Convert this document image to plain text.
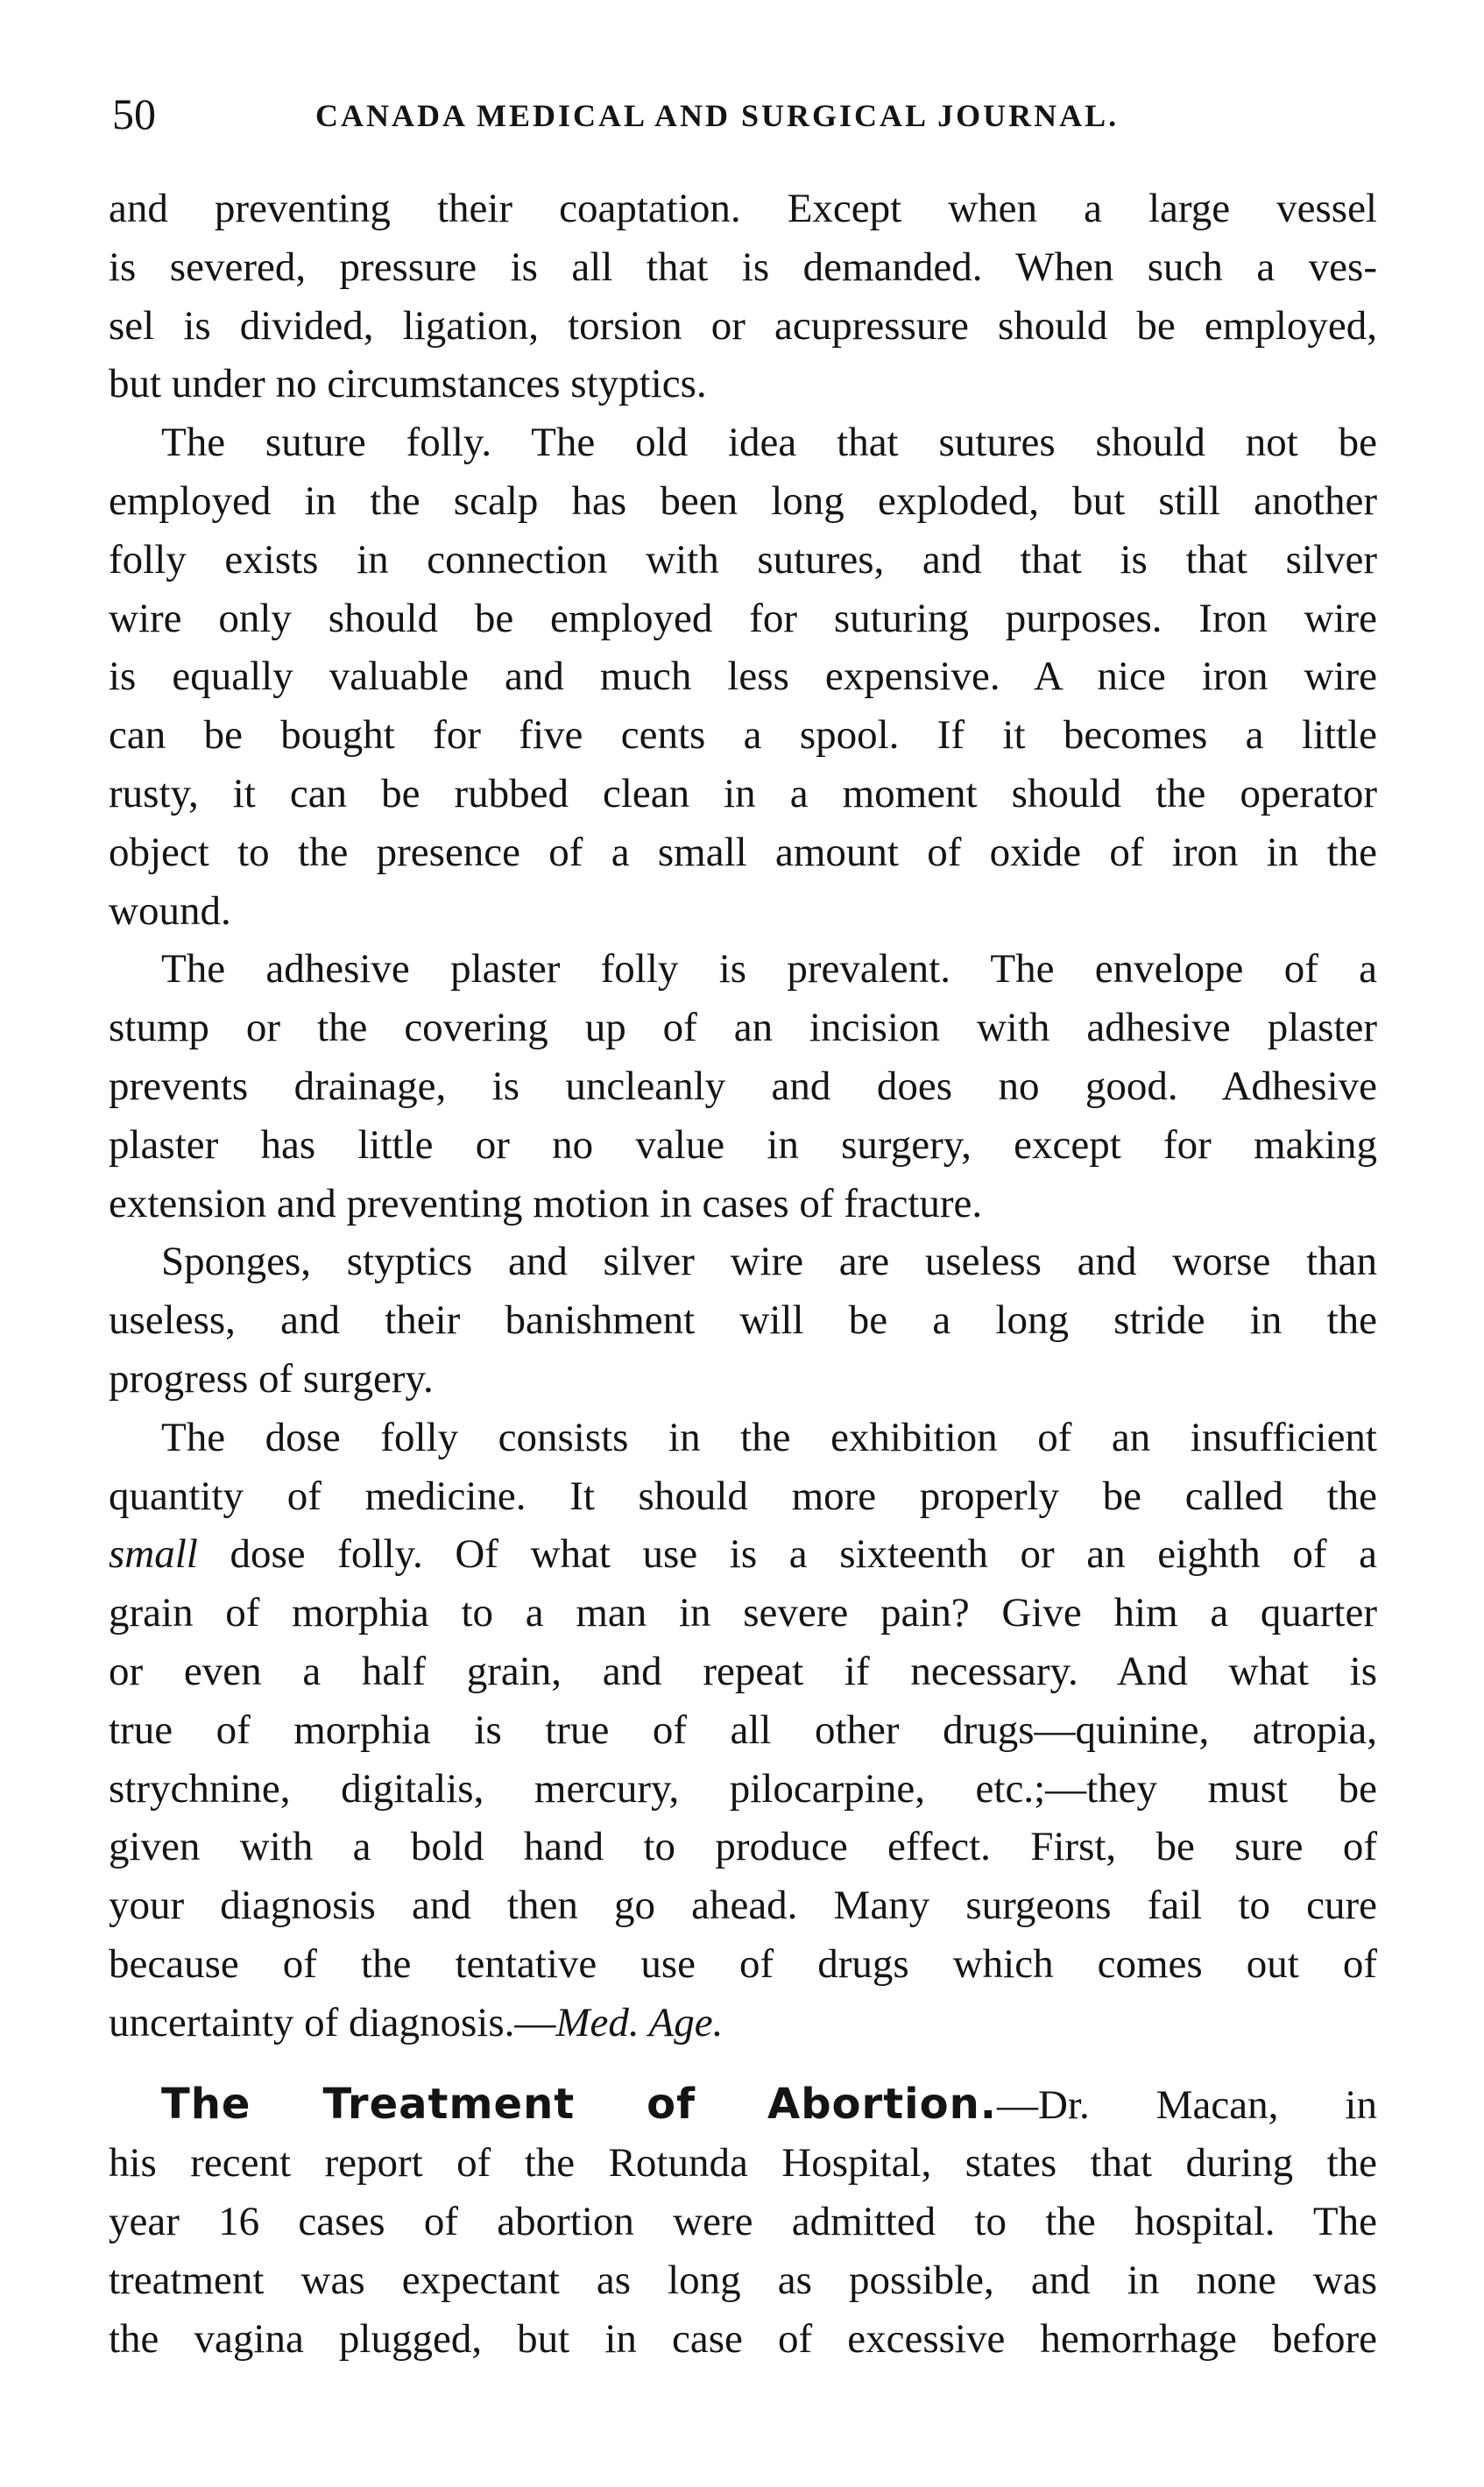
50	CANADA MEDICAL AND SURGICAL JOURNAL.

and preventing their coaptation. Except when a large vessel
is severed, pressure is all that is demanded. When such a ves-
sel is divided, ligation, torsion or acupressure should be employed,
but under no circumstances styptics.

The suture folly. The old idea that sutures should not be
employed in the scalp has been long exploded, but still another
folly exists in connection with sutures, and that is that silver
wire only should be employed for suturing purposes. Iron wire
is equally valuable and much less expensive. A nice iron wire
can be bought for five cents a spool. If it becomes a little
rusty, it can be rubbed clean in a moment should the operator
object to the presence of a small amount of oxide of iron in the
wound.

The adhesive plaster folly is prevalent. The envelope of a
stump or the covering up of an incision with adhesive plaster
prevents drainage, is uncleanly and does no good. Adhesive
plaster has little or no value in surgery, except for making
extension and preventing motion in cases of fracture.

Sponges, styptics and silver wire are useless and worse than
useless, and their banishment will be a long stride in the
progress of surgery.

The dose folly consists in the exhibition of an insufficient
quantity of medicine. It should more properly be called the
small dose folly. Of what use is a sixteenth or an eighth of a
grain of morphia to a man in severe pain? Give him a quarter
or even a half grain, and repeat if necessary. And what is
true of morphia is true of all other drugs—quinine, atropia,
strychnine, digitalis, mercury, pilocarpine, etc.;—they must be
given with a bold hand to produce effect. First, be sure of
your diagnosis and then go ahead. Many surgeons fail to cure
because of the tentative use of drugs which comes out of
uncertainty of diagnosis.—Med. Age.

The Treatment of Abortion.—Dr. Macan, in
his recent report of the Rotunda Hospital, states that during the
year 16 cases of abortion were admitted to the hospital. The
treatment was expectant as long as possible, and in none was
the vagina plugged, but in case of excessive hemorrhage before
